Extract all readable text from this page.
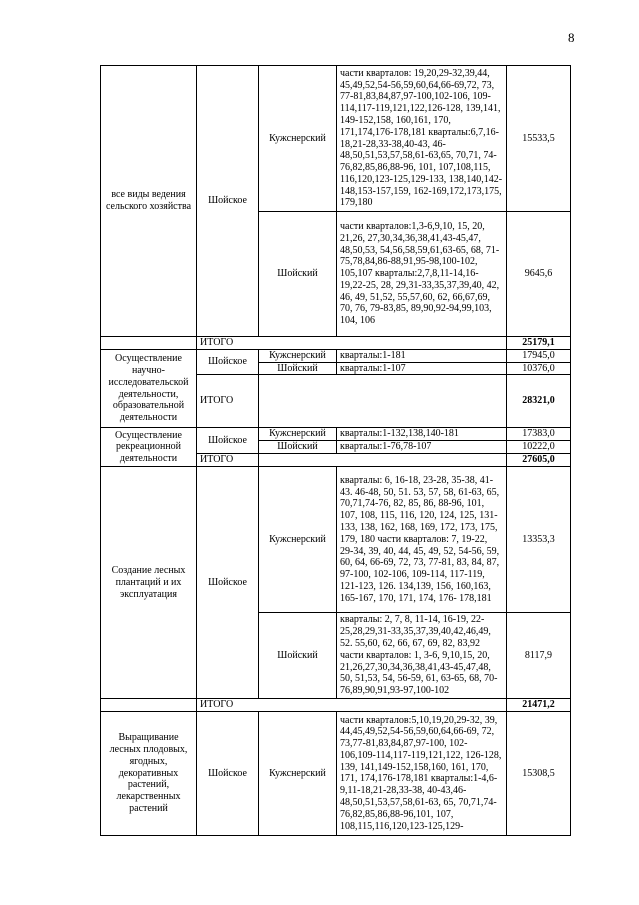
8
все виды ведения сельского хозяйства	Шойское	Кужснерский	части кварталов: 19,20,29-32,39,44, 45,49,52,54-56,59,60,64,66-69,72, 73, 77-81,83,84,87,97-100,102-106, 109-114,117-119,121,122,126-128, 139,141, 149-152,158, 160,161, 170, 171,174,176-178,181 кварталы:6,7,16-18,21-28,33-38,40-43, 46-48,50,51,53,57,58,61-63,65, 70,71, 74-76,82,85,86,88-96, 101, 107,108,115, 116,120,123-125,129-133, 138,140,142-148,153-157,159, 162-169,172,173,175, 179,180	15533,5
		Шойский	части кварталов:1,3-6,9,10, 15, 20, 21,26, 27,30,34,36,38,41,43-45,47, 48,50,53, 54,56,58,59,61,63-65, 68, 71-75,78,84,86-88,91,95-98,100-102, 105,107 кварталы:2,7,8,11-14,16-19,22-25, 28, 29,31-33,35,37,39,40, 42, 46, 49, 51,52, 55,57,60, 62, 66,67,69, 70, 76, 79-83,85, 89,90,92-94,99,103, 104, 106	9645,6
	ИТОГО			25179,1
Осуществление научно-исследовательской деятельности, образовательной деятельности	Шойское	Кужснерский	кварталы:1-181	17945,0
		Шойский	кварталы:1-107	10376,0
	ИТОГО			28321,0
Осуществление рекреационной деятельности	Шойское	Кужснерский	кварталы:1-132,138,140-181	17383,0
		Шойский	кварталы:1-76,78-107	10222,0
	ИТОГО			27605,0
Создание лесных плантаций и их эксплуатация	Шойское	Кужснерский	кварталы: 6, 16-18, 23-28, 35-38, 41-43. 46-48, 50, 51. 53, 57, 58, 61-63, 65, 70,71,74-76, 82, 85, 86, 88-96, 101, 107, 108, 115, 116, 120, 124, 125, 131-133, 138, 162, 168, 169, 172, 173, 175, 179, 180 части кварталов: 7, 19-22, 29-34, 39, 40, 44, 45, 49, 52, 54-56, 59, 60, 64, 66-69, 72, 73, 77-81, 83, 84, 87, 97-100, 102-106, 109-114, 117-119, 121-123, 126. 134,139, 156, 160,163, 165-167, 170, 171, 174, 176- 178,181	13353,3
		Шойский	кварталы: 2, 7, 8, 11-14, 16-19, 22-25,28,29,31-33,35,37,39,40,42,46,49, 52. 55,60, 62, 66, 67, 69, 82, 83,92 части кварталов: 1, 3-6, 9,10,15, 20, 21,26,27,30,34,36,38,41,43-45,47,48, 50, 51,53, 54, 56-59, 61, 63-65, 68, 70-76,89,90,91,93-97,100-102	8117,9
	ИТОГО			21471,2
Выращивание лесных плодовых, ягодных, декоративных растений, лекарственных растений	Шойское	Кужснерский	части кварталов:5,10,19,20,29-32, 39, 44,45,49,52,54-56,59,60,64,66-69, 72, 73,77-81,83,84,87,97-100, 102-106,109-114,117-119,121,122, 126-128, 139, 141,149-152,158,160, 161, 170, 171, 174,176-178,181 кварталы:1-4,6-9,11-18,21-28,33-38, 40-43,46-48,50,51,53,57,58,61-63, 65, 70,71,74-76,82,85,86,88-96,101, 107, 108,115,116,120,123-125,129-	15308,5
